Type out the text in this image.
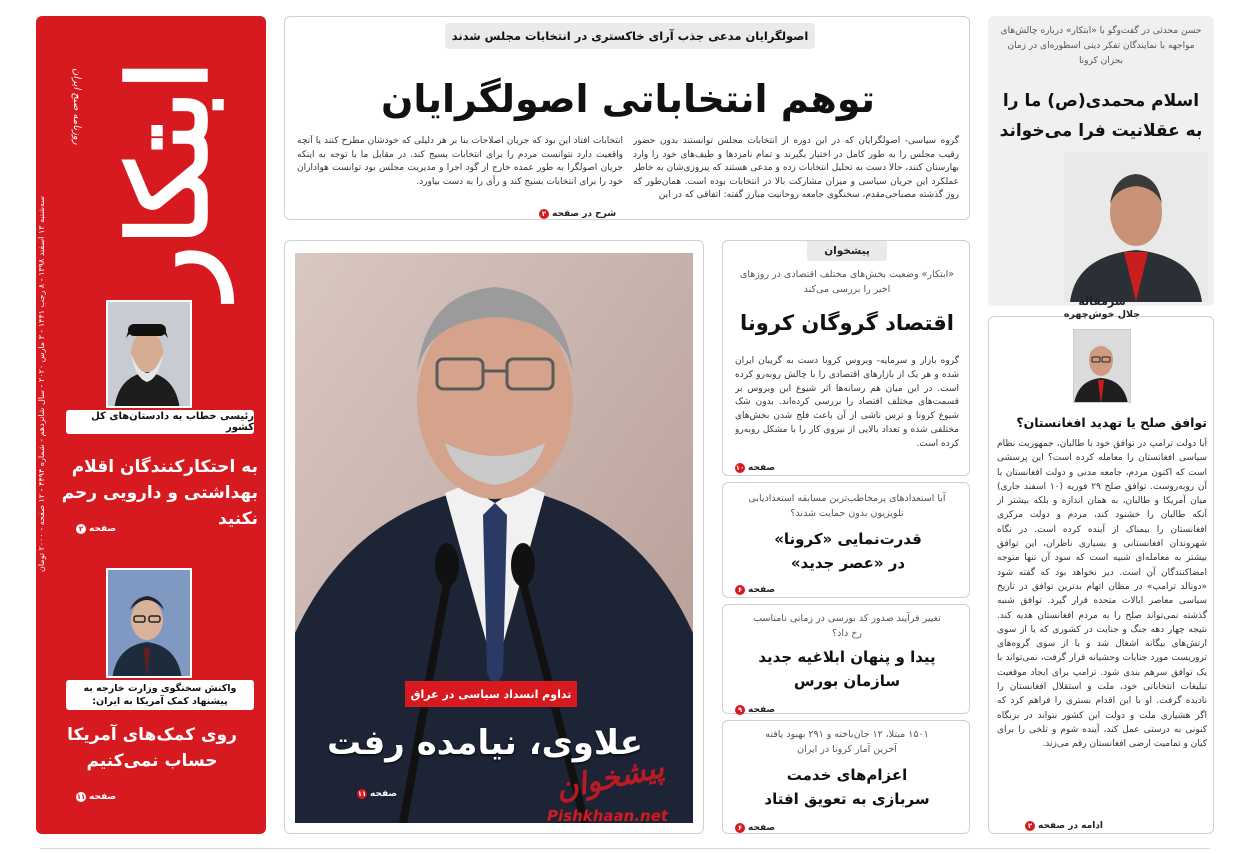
ابتکار
روزنامه صبح ایران
سه‌شنبه ۱۳ اسفند ۱۳۹۸ - ۸ رجب ۱۴۴۱ - ۳ مارس ۲۰۲۰ - سال شانزدهم - شماره ۴۴۹۴ - ۱۲ صفحه - ۲۰۰۰ تومان
رئیسی خطاب به دادستان‌های کل کشور
به احتکارکنندگان اقلام بهداشتی و دارویی رحم نکنید
صفحه
۲
واکنش سخنگوی وزارت خارجه به پیشنهاد کمک آمریکا به ایران:
روی کمک‌های آمریکا حساب نمی‌کنیم
صفحه
۱۱
اصولگرایان مدعی جذب آرای خاکستری در انتخابات مجلس شدند
توهم انتخاباتی اصولگرایان
گروه سیاسی- اصولگرایان که در این دوره از انتخابات مجلس توانستند بدون حضور رقیب مجلس را به طور کامل در اختیار بگیرند و تمام نامزدها و طیف‌های خود را وارد بهارستان کنند، حالا دست به تحلیل انتخابات زده و مدعی هستند که پیروزی‌شان به خاطر عملکرد این جریان سیاسی و میزان مشارکت بالا در انتخابات بوده است. همان‌طور که روز گذشته مصباحی‌مقدم، سخنگوی جامعه روحانیت مبارز گفته: اتفاقی که در این
انتخابات افتاد این بود که جریان اصلاحات بنا بر هر دلیلی که خودشان مطرح کنند یا آنچه واقعیت دارد نتوانست مردم را برای انتخابات بسیج کند. در مقابل ما با توجه به اینکه جریان اصولگرا به طور عمده خارج از گود اجرا و مدیریت مجلس بود توانست هواداران خود را برای انتخابات بسیج کند و رأی را به دست بیاورد.
شرح در صفحه
۲
تداوم انسداد سیاسی در عراق
علاوی، نیامده رفت
صفحه
۱۱	پیشخوان
Pishkhaan.net
پیشخوان
«ابتکار» وضعیت بخش‌های مختلف اقتصادی در روزهای اخیر را بررسی می‌کند
اقتصاد گروگان کرونا
گروه بازار و سرمایه- ویروس کرونا دست به گریبان ایران شده و هر یک از بازارهای اقتصادی را با چالش روبه‌رو کرده است. در این میان هم رسانه‌ها اثر شیوع این ویروس بر قسمت‌های مختلف اقتصاد را بررسی کرده‌اند. بدون شک شیوع کرونا و ترس ناشی از آن باعث فلج شدن بخش‌های مختلفی شده و تعداد بالایی از نیروی کار را با مشکل روبه‌رو کرده است.
صفحه
۱۰
آیا استعدادهای پرمخاطب‌ترین مسابقه استعدادیابی تلویزیون بدون حمایت شدند؟
قدرت‌نمایی «کرونا» در «عصر جدید»
صفحه
۶
تغییر فرآیند صدور کد بورسی در زمانی نامناسب رخ داد؟
پیدا و پنهان ابلاغیه جدید سازمان بورس
صفحه
۹
۱۵۰۱ مبتلا، ۱۲ جان‌باخته و ۲۹۱ بهبود یافته آخرین آمار کرونا در ایران
اعزام‌های خدمت سربازی به تعویق افتاد
صفحه
۶
حسن محدثی در گفت‌وگو با «ابتکار» درباره چالش‌های مواجهه با نمایندگان تفکر دینی اسطوره‌ای در زمان بحران کرونا
اسلام محمدی(ص) ما را به عقلانیت فرا می‌خواند
سرمقاله
جلال خوش‌چهره
توافق صلح یا تهدید افغانستان؟
آیا دولت ترامپ در توافق خود با طالبان، جمهوریت نظام سیاسی افغانستان را معامله کرده است؟ این پرسشی است که اکنون مردم، جامعه مدنی و دولت افغانستان با آن روبه‌روست. توافق صلح ۲۹ فوریه (۱۰ اسفند جاری) میان آمریکا و طالبان، به همان اندازه و بلکه بیشتر از آنکه طالبان را خشنود کند، مردم و دولت مرکزی افغانستان را بیمناک از آینده کرده است. در نگاه شهروندان افغانستانی و بسیاری ناظران، این توافق بیشتر به معامله‌ای شبیه است که سود آن تنها متوجه امضاکنندگان آن است. دیر نخواهد بود که گفته شود «دونالد ترامپ» در مظان اتهام بدترین توافق در تاریخ سیاسی معاصر ایالات متحده قرار گیرد. توافق شنبه گذشته نمی‌تواند صلح را به مردم افغانستان هدیه کند. نتیجه چهار دهه جنگ و جنایت در کشوری که یا از سوی ارتش‌های بیگانه اشغال شد و یا از سوی گروه‌های تروریست مورد جنایات وحشیانه قرار گرفت، نمی‌تواند با یک توافق سرهم بندی شود. ترامپ برای ایجاد موقعیت تبلیغات انتخاباتی خود، ملت و استقلال افغانستان را نادیده گرفت. او با این اقدام بستری را فراهم کرد که اگر هشیاری ملت و دولت این کشور نتواند در بزنگاه کنونی به درستی عمل کند، آینده شوم و تلخی را برای کیان و تمامیت ارضی افغانستان رقم می‌زند.
ادامه در صفحه
۲
